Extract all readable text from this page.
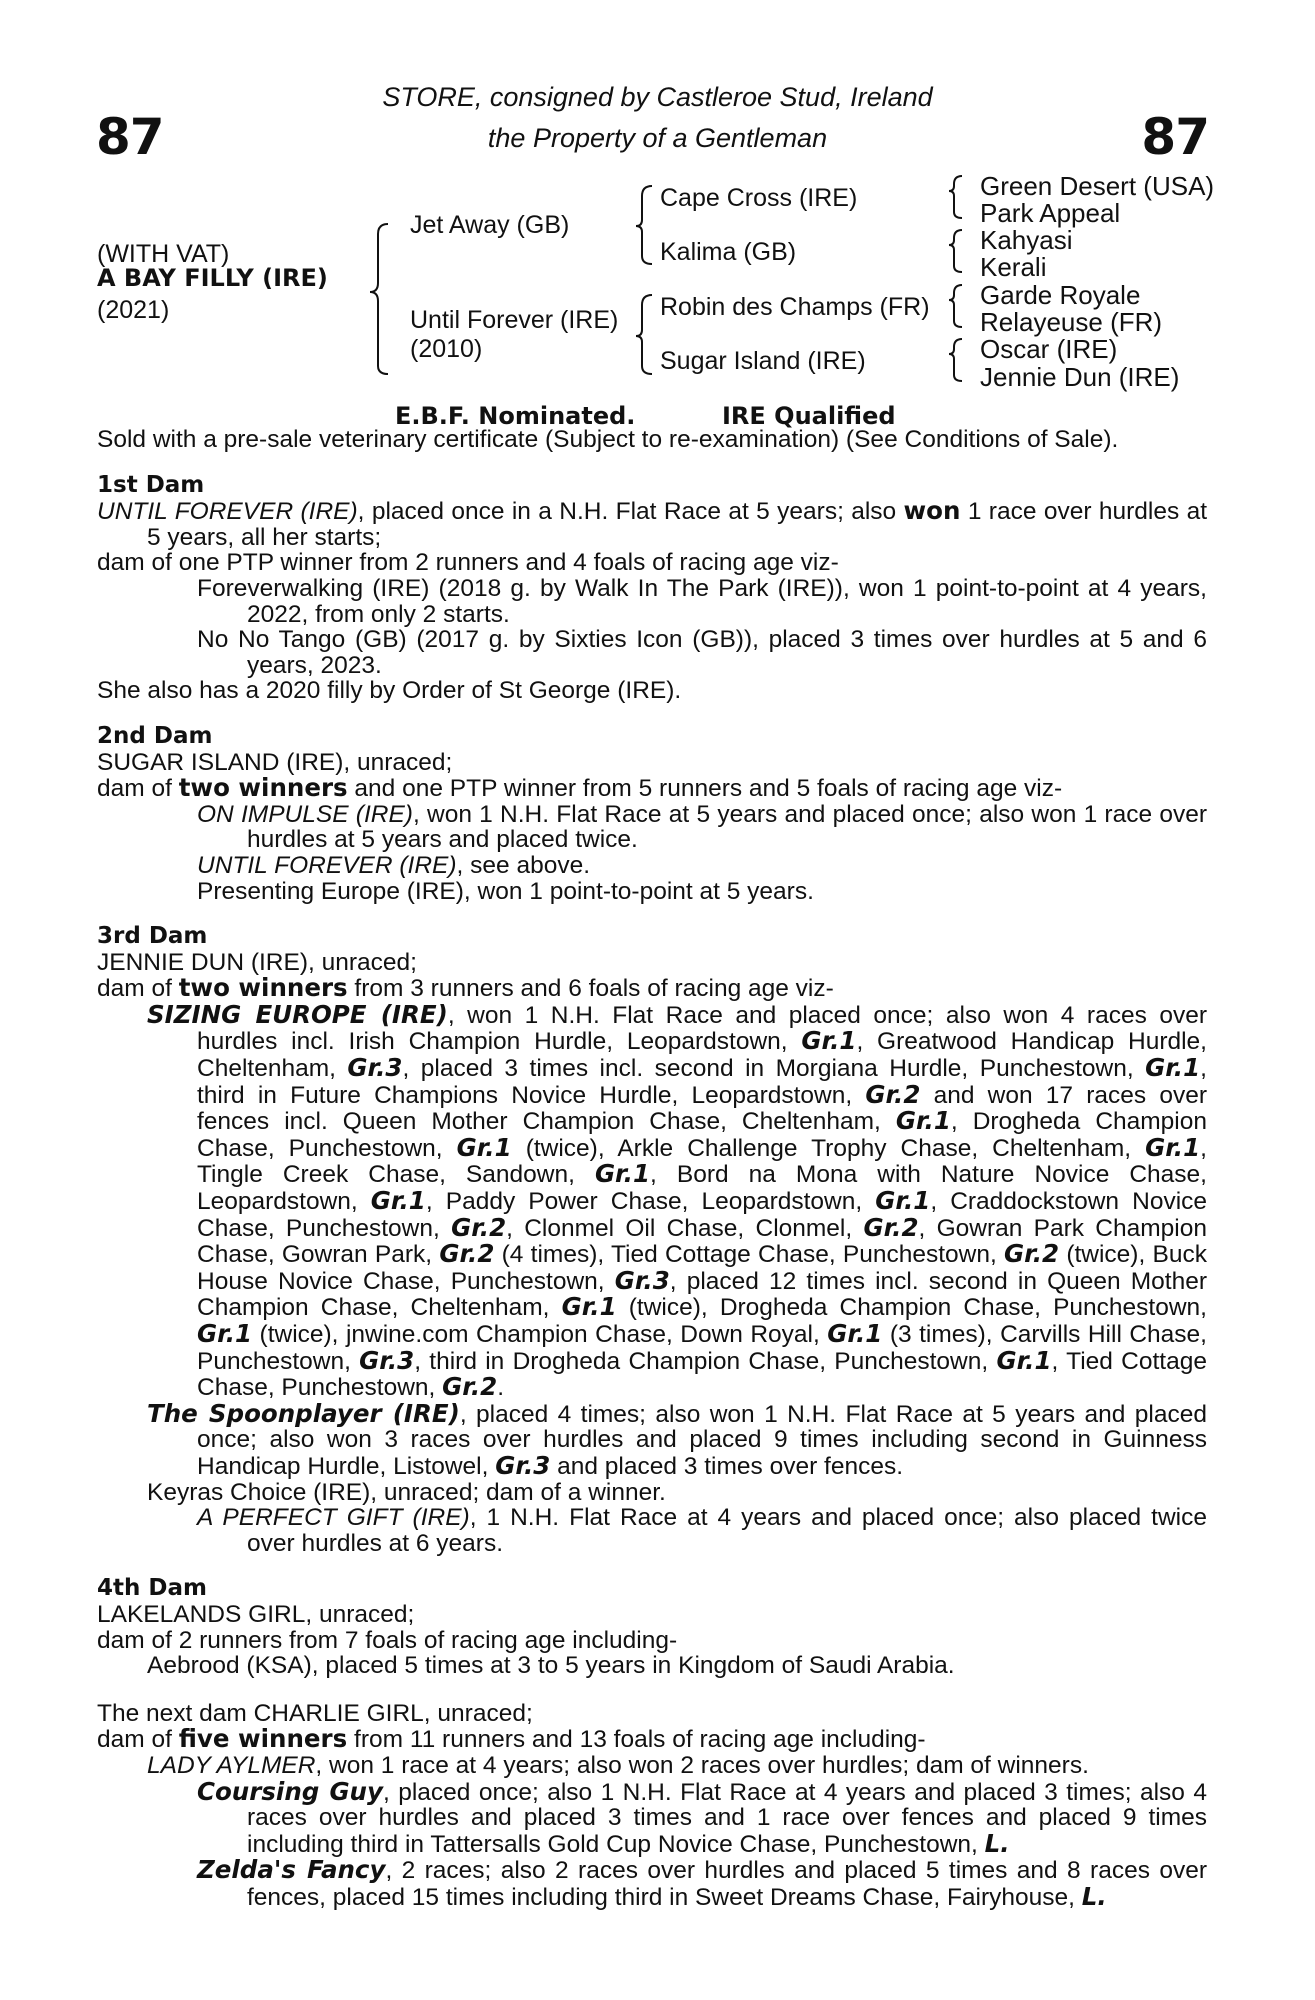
87	87
STORE, consigned by Castleroe Stud, Ireland
the Property of a Gentleman
(WITH VAT)
A BAY FILLY (IRE)
(2021)
Jet Away (GB)
Until Forever (IRE)
(2010)
Cape Cross (IRE)
Kalima (GB)
Robin des Champs (FR)
Sugar Island (IRE)
Green Desert (USA)
Park Appeal
Kahyasi
Kerali
Garde Royale
Relayeuse (FR)
Oscar (IRE)
Jennie Dun (IRE)
E.B.F. Nominated.	IRE Qualified

Sold with a pre-sale veterinary certificate (Subject to re-examination) (See Conditions of Sale).

1st Dam

UNTIL FOREVER (IRE), placed once in a N.H. Flat Race at 5 years; also won 1 race over hurdles at 5 years, all her starts;

dam of one PTP winner from 2 runners and 4 foals of racing age viz-

Foreverwalking (IRE) (2018 g. by Walk In The Park (IRE)), won 1 point-to-point at 4 years, 2022, from only 2 starts.

No No Tango (GB) (2017 g. by Sixties Icon (GB)), placed 3 times over hurdles at 5 and 6 years, 2023.

She also has a 2020 filly by Order of St George (IRE).

2nd Dam

SUGAR ISLAND (IRE), unraced;

dam of two winners and one PTP winner from 5 runners and 5 foals of racing age viz-

ON IMPULSE (IRE), won 1 N.H. Flat Race at 5 years and placed once; also won 1 race over hurdles at 5 years and placed twice.

UNTIL FOREVER (IRE), see above.

Presenting Europe (IRE), won 1 point-to-point at 5 years.

3rd Dam

JENNIE DUN (IRE), unraced;

dam of two winners from 3 runners and 6 foals of racing age viz-

SIZING EUROPE (IRE), won 1 N.H. Flat Race and placed once; also won 4 races over hurdles incl. Irish Champion Hurdle, Leopardstown, Gr.1, Greatwood Handicap Hurdle, Cheltenham, Gr.3, placed 3 times incl. second in Morgiana Hurdle, Punchestown, Gr.1, third in Future Champions Novice Hurdle, Leopardstown, Gr.2 and won 17 races over fences incl. Queen Mother Champion Chase, Cheltenham, Gr.1, Drogheda Champion Chase, Punchestown, Gr.1 (twice), Arkle Challenge Trophy Chase, Cheltenham, Gr.1, Tingle Creek Chase, Sandown, Gr.1, Bord na Mona with Nature Novice Chase, Leopardstown, Gr.1, Paddy Power Chase, Leopardstown, Gr.1, Craddockstown Novice Chase, Punchestown, Gr.2, Clonmel Oil Chase, Clonmel, Gr.2, Gowran Park Champion Chase, Gowran Park, Gr.2 (4 times), Tied Cottage Chase, Punchestown, Gr.2 (twice), Buck House Novice Chase, Punchestown, Gr.3, placed 12 times incl. second in Queen Mother Champion Chase, Cheltenham, Gr.1 (twice), Drogheda Champion Chase, Punchestown, Gr.1 (twice), jnwine.com Champion Chase, Down Royal, Gr.1 (3 times), Carvills Hill Chase, Punchestown, Gr.3, third in Drogheda Champion Chase, Punchestown, Gr.1, Tied Cottage Chase, Punchestown, Gr.2.

The Spoonplayer (IRE), placed 4 times; also won 1 N.H. Flat Race at 5 years and placed once; also won 3 races over hurdles and placed 9 times including second in Guinness Handicap Hurdle, Listowel, Gr.3 and placed 3 times over fences.

Keyras Choice (IRE), unraced; dam of a winner.

A PERFECT GIFT (IRE), 1 N.H. Flat Race at 4 years and placed once; also placed twice over hurdles at 6 years.

4th Dam

LAKELANDS GIRL, unraced;

dam of 2 runners from 7 foals of racing age including-

Aebrood (KSA), placed 5 times at 3 to 5 years in Kingdom of Saudi Arabia.

The next dam CHARLIE GIRL, unraced;

dam of five winners from 11 runners and 13 foals of racing age including-

LADY AYLMER, won 1 race at 4 years; also won 2 races over hurdles; dam of winners.

Coursing Guy, placed once; also 1 N.H. Flat Race at 4 years and placed 3 times; also 4 races over hurdles and placed 3 times and 1 race over fences and placed 9 times including third in Tattersalls Gold Cup Novice Chase, Punchestown, L.

Zelda's Fancy, 2 races; also 2 races over hurdles and placed 5 times and 8 races over fences, placed 15 times including third in Sweet Dreams Chase, Fairyhouse, L.
